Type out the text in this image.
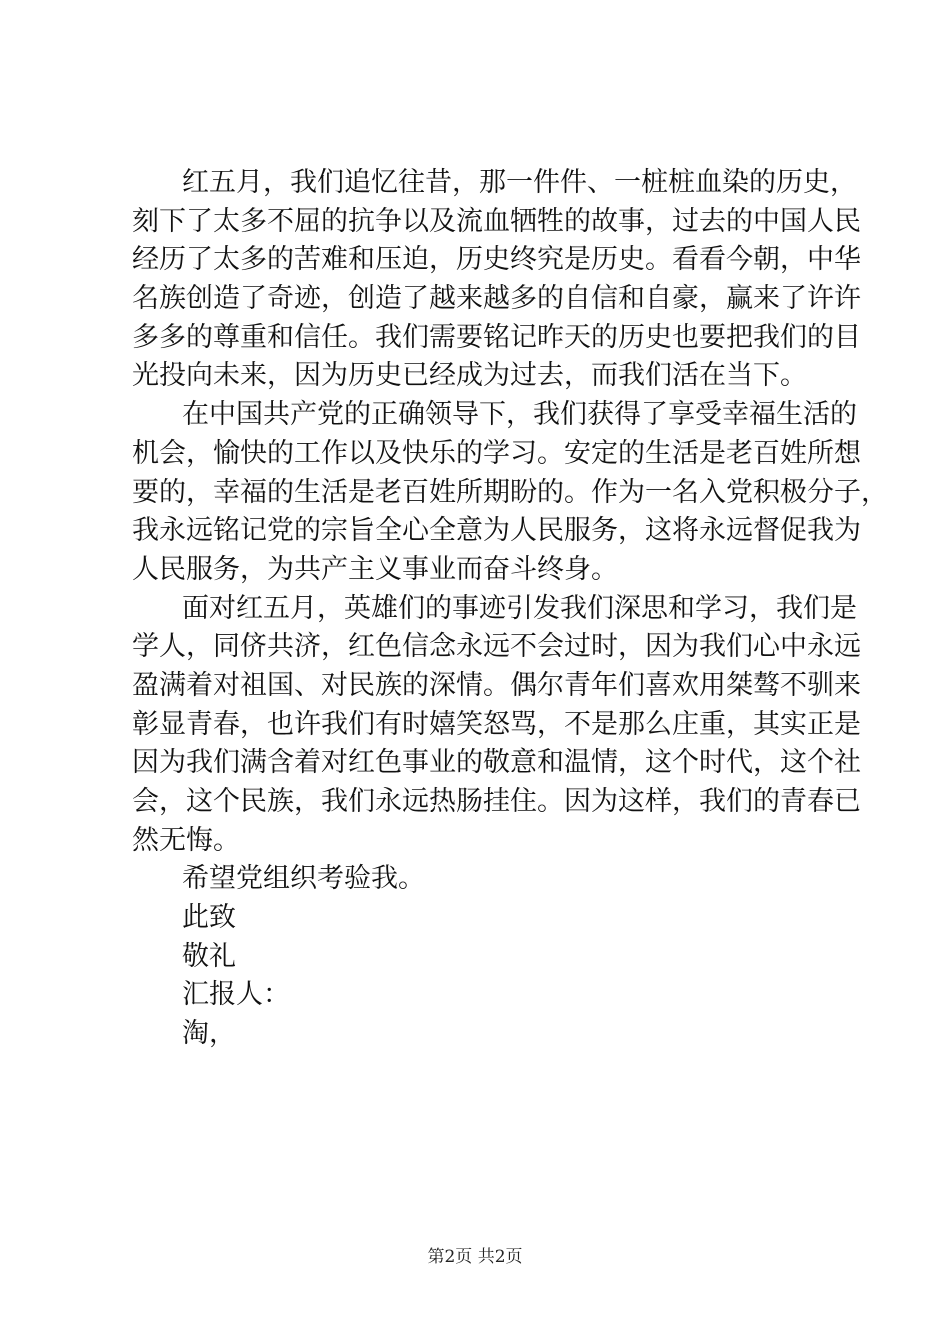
红五月，我们追忆往昔，那一件件、一桩桩血染的历史，
刻下了太多不屈的抗争以及流血牺牲的故事，过去的中国人民
经历了太多的苦难和压迫，历史终究是历史。看看今朝，中华
名族创造了奇迹，创造了越来越多的自信和自豪，赢来了许许
多多的尊重和信任。我们需要铭记昨天的历史也要把我们的目
光投向未来，因为历史已经成为过去，而我们活在当下。
在中国共产党的正确领导下，我们获得了享受幸福生活的
机会，愉快的工作以及快乐的学习。安定的生活是老百姓所想
要的，幸福的生活是老百姓所期盼的。作为一名入党积极分子，
我永远铭记党的宗旨全心全意为人民服务，这将永远督促我为
人民服务，为共产主义事业而奋斗终身。
面对红五月，英雄们的事迹引发我们深思和学习，我们是
学人，同侪共济，红色信念永远不会过时，因为我们心中永远
盈满着对祖国、对民族的深情。偶尔青年们喜欢用桀骜不驯来
彰显青春，也许我们有时嬉笑怒骂，不是那么庄重，其实正是
因为我们满含着对红色事业的敬意和温情，这个时代，这个社
会，这个民族，我们永远热肠挂住。因为这样，我们的青春已
然无悔。
希望党组织考验我。
此致
敬礼
汇报人：
淘，
第2页 共2页
